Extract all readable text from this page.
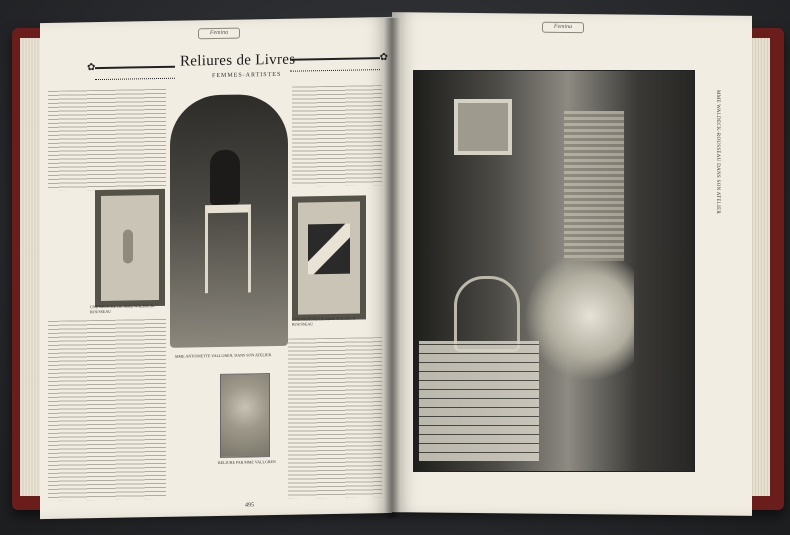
Femina
✿
Reliures de Livres
✿
FEMMES-ARTISTES
UNE RELIURE DE MME WALDECK-ROUSSEAU
MME ANTOINETTE VALLGREN, DANS SON ATELIER
UNE RELIURE DE MME WALDECK-ROUSSEAU
RELIURE PAR MME VALLGREN
495
Femina
MME WALDECK-ROUSSEAU DANS SON ATELIER
